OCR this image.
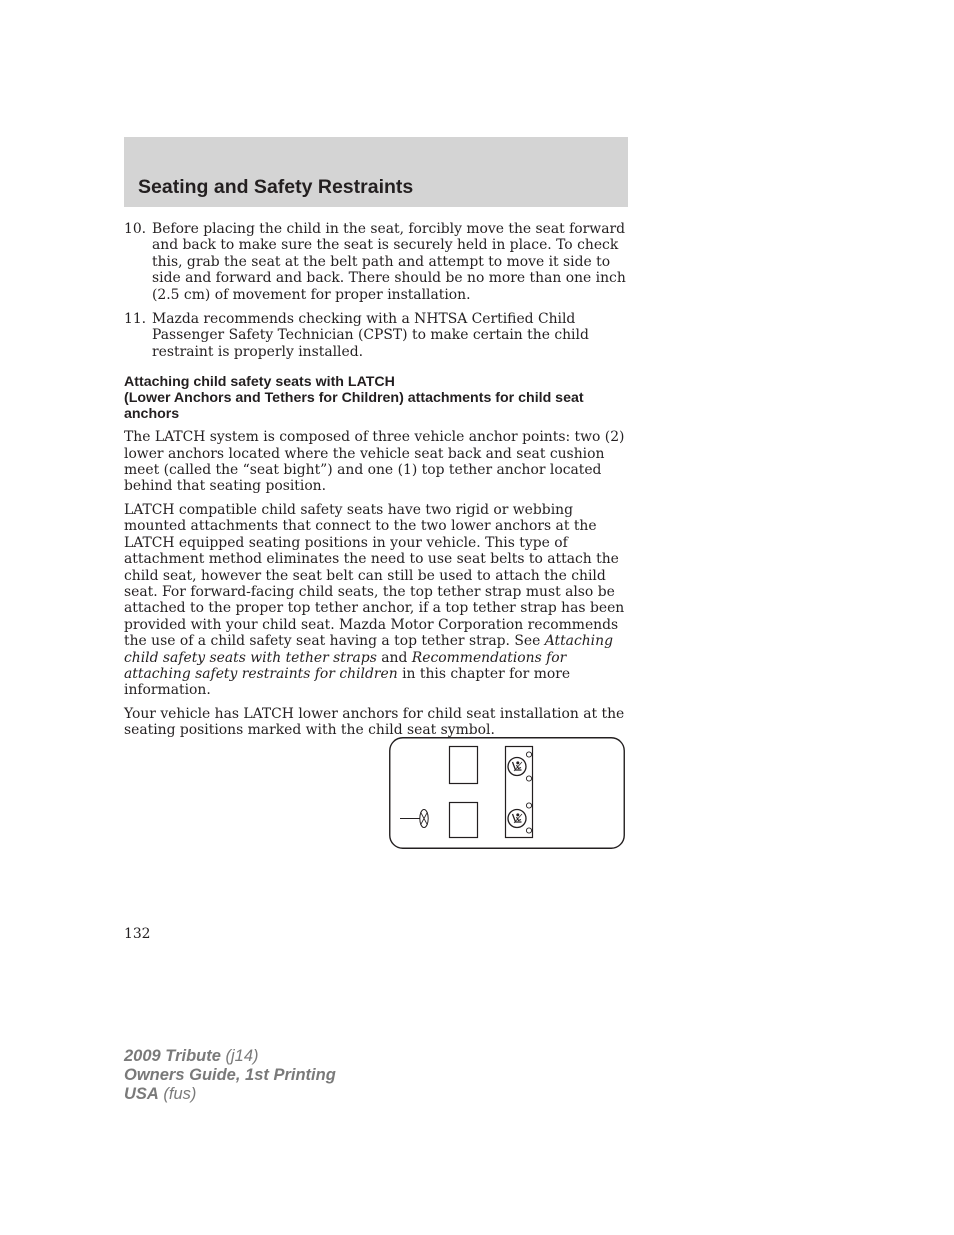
Seating and Safety Restraints
10. Before placing the child in the seat, forcibly move the seat forward and back to make sure the seat is securely held in place. To check this, grab the seat at the belt path and attempt to move it side to side and forward and back. There should be no more than one inch (2.5 cm) of movement for proper installation.
11. Mazda recommends checking with a NHTSA Certified Child Passenger Safety Technician (CPST) to make certain the child restraint is properly installed.
Attaching child safety seats with LATCH
(Lower Anchors and Tethers for Children) attachments for child seat anchors

The LATCH system is composed of three vehicle anchor points: two (2) lower anchors located where the vehicle seat back and seat cushion meet (called the “seat bight”) and one (1) top tether anchor located behind that seating position.

LATCH compatible child safety seats have two rigid or webbing mounted attachments that connect to the two lower anchors at the LATCH equipped seating positions in your vehicle. This type of attachment method eliminates the need to use seat belts to attach the child seat, however the seat belt can still be used to attach the child seat. For forward-facing child seats, the top tether strap must also be attached to the proper top tether anchor, if a top tether strap has been provided with your child seat. Mazda Motor Corporation recommends the use of a child safety seat having a top tether strap. See Attaching child safety seats with tether straps and Recommendations for attaching safety restraints for children in this chapter for more information.

Your vehicle has LATCH lower anchors for child seat installation at the seating positions marked with the child seat symbol.

132
2009 Tribute (j14)
Owners Guide, 1st Printing
USA (fus)
